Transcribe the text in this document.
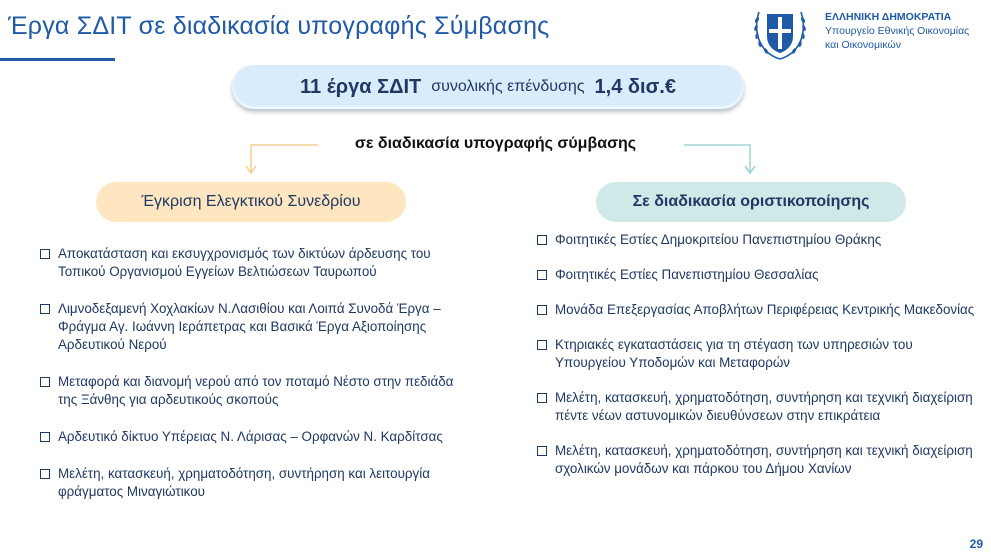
Έργα ΣΔΙΤ σε διαδικασία υπογραφής Σύμβασης	ΕΛΛΗΝΙΚΗ ΔΗΜΟΚΡΑΤΙΑ
Υπουργείο Εθνικής Οικονομίας
και Οικονομικών
11 έργα ΣΔΙΤ συνολικής επένδυσης 1,4 δισ.€
σε διαδικασία υπογραφής σύμβασης
Έγκριση Ελεγκτικού Συνεδρίου	Σε διαδικασία οριστικοποίησης
Αποκατάσταση και εκσυγχρονισμός των δικτύων άρδευσης του Τοπικού Οργανισμού Εγγείων Βελτιώσεων Ταυρωπού
Λιμνοδεξαμενή Χοχλακίων Ν.Λασιθίου και Λοιπά Συνοδά Έργα – Φράγμα Αγ. Ιωάννη Ιεράπετρας και Βασικά Έργα Αξιοποίησης Αρδευτικού Νερού
Μεταφορά και διανομή νερού από τον ποταμό Νέστο στην πεδιάδα της Ξάνθης για αρδευτικούς σκοπούς
Αρδευτικό δίκτυο Υπέρειας Ν. Λάρισας – Ορφανών Ν. Καρδίτσας
Μελέτη, κατασκευή, χρηματοδότηση, συντήρηση και λειτουργία φράγματος Μιναγιώτικου
Φοιτητικές Εστίες Δημοκριτείου Πανεπιστημίου Θράκης
Φοιτητικές Εστίες Πανεπιστημίου Θεσσαλίας
Μονάδα Επεξεργασίας Αποβλήτων Περιφέρειας Κεντρικής Μακεδονίας
Κτηριακές εγκαταστάσεις για τη στέγαση των υπηρεσιών του Υπουργείου Υποδομών και Μεταφορών
Μελέτη, κατασκευή, χρηματοδότηση, συντήρηση και τεχνική διαχείριση πέντε νέων αστυνομικών διευθύνσεων στην επικράτεια
Μελέτη, κατασκευή, χρηματοδότηση, συντήρηση και τεχνική διαχείριση σχολικών μονάδων και πάρκου του Δήμου Χανίων
29
